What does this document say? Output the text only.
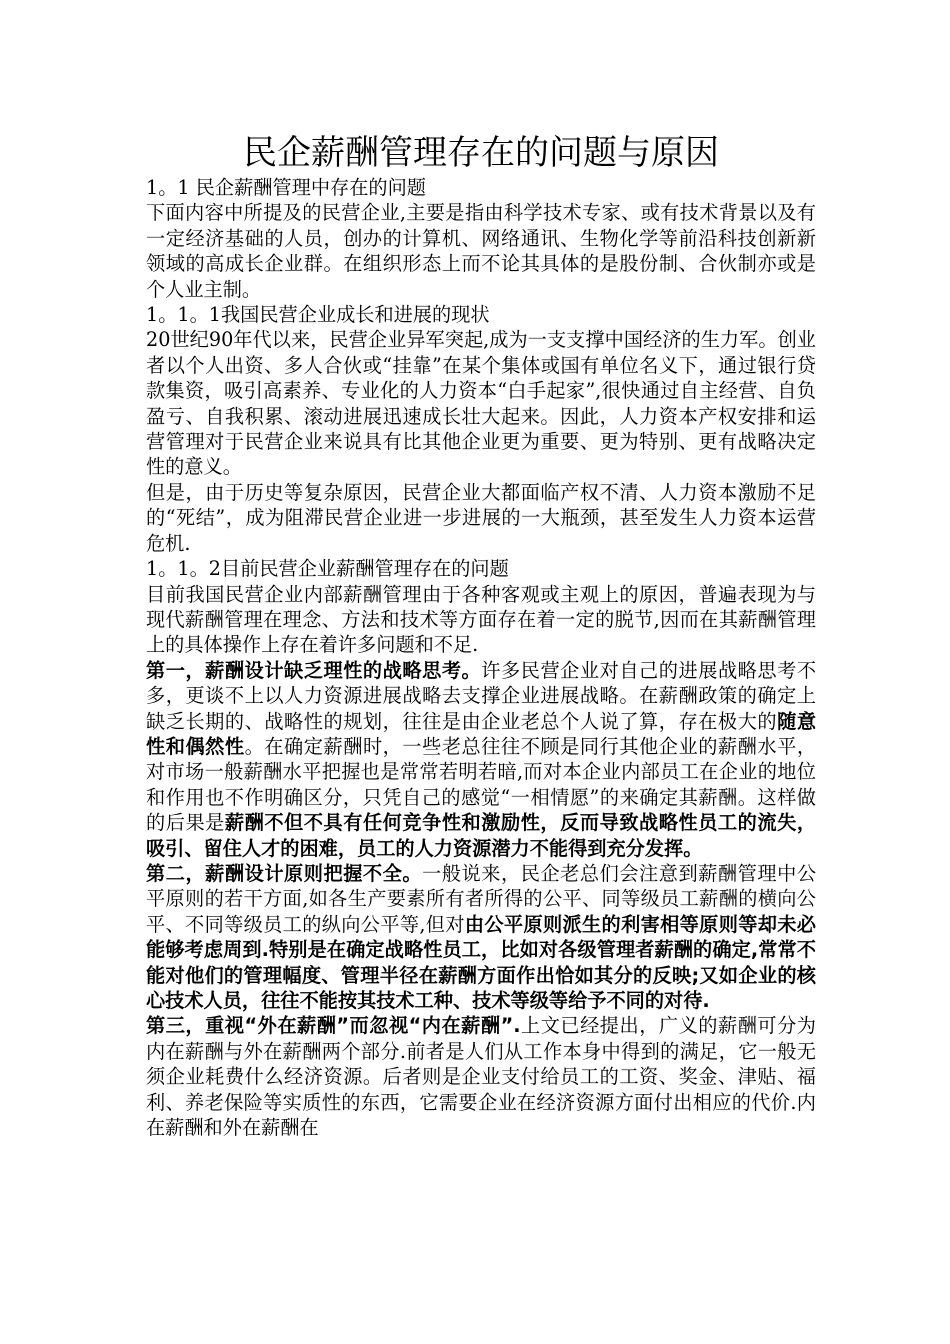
民企薪酬管理存在的问题与原因

1。1 民企薪酬管理中存在的问题

下面内容中所提及的民营企业,主要是指由科学技术专家、或有技术背景以及有一定经济基础的人员，创办的计算机、网络通讯、生物化学等前沿科技创新新领域的高成长企业群。在组织形态上而不论其具体的是股份制、合伙制亦或是个人业主制。

1。1。1我国民营企业成长和进展的现状

20世纪90年代以来，民营企业异军突起,成为一支支撑中国经济的生力军。创业者以个人出资、多人合伙或“挂靠”在某个集体或国有单位名义下，通过银行贷款集资，吸引高素养、专业化的人力资本“白手起家”,很快通过自主经营、自负盈亏、自我积累、滚动进展迅速成长壮大起来。因此，人力资本产权安排和运营管理对于民营企业来说具有比其他企业更为重要、更为特别、更有战略决定性的意义。

但是，由于历史等复杂原因，民营企业大都面临产权不清、人力资本激励不足的“死结”，成为阻滞民营企业进一步进展的一大瓶颈，甚至发生人力资本运营危机.

1。1。2目前民营企业薪酬管理存在的问题

目前我国民营企业内部薪酬管理由于各种客观或主观上的原因，普遍表现为与现代薪酬管理在理念、方法和技术等方面存在着一定的脱节,因而在其薪酬管理上的具体操作上存在着许多问题和不足.

第一，薪酬设计缺乏理性的战略思考。许多民营企业对自己的进展战略思考不多，更谈不上以人力资源进展战略去支撑企业进展战略。在薪酬政策的确定上缺乏长期的、战略性的规划，往往是由企业老总个人说了算，存在极大的随意性和偶然性。在确定薪酬时，一些老总往往不顾是同行其他企业的薪酬水平，对市场一般薪酬水平把握也是常常若明若暗,而对本企业内部员工在企业的地位和作用也不作明确区分，只凭自己的感觉“一相情愿”的来确定其薪酬。这样做的后果是薪酬不但不具有任何竞争性和激励性，反而导致战略性员工的流失，吸引、留住人才的困难，员工的人力资源潜力不能得到充分发挥。

第二，薪酬设计原则把握不全。一般说来，民企老总们会注意到薪酬管理中公平原则的若干方面,如各生产要素所有者所得的公平、同等级员工薪酬的横向公平、不同等级员工的纵向公平等,但对由公平原则派生的利害相等原则等却未必能够考虑周到.特别是在确定战略性员工，比如对各级管理者薪酬的确定,常常不能对他们的管理幅度、管理半径在薪酬方面作出恰如其分的反映;又如企业的核心技术人员，往往不能按其技术工种、技术等级等给予不同的对待.

第三，重视“外在薪酬”而忽视“内在薪酬”.上文已经提出，广义的薪酬可分为内在薪酬与外在薪酬两个部分.前者是人们从工作本身中得到的满足，它一般无须企业耗费什么经济资源。后者则是企业支付给员工的工资、奖金、津贴、福利、养老保险等实质性的东西，它需要企业在经济资源方面付出相应的代价.内在薪酬和外在薪酬在
